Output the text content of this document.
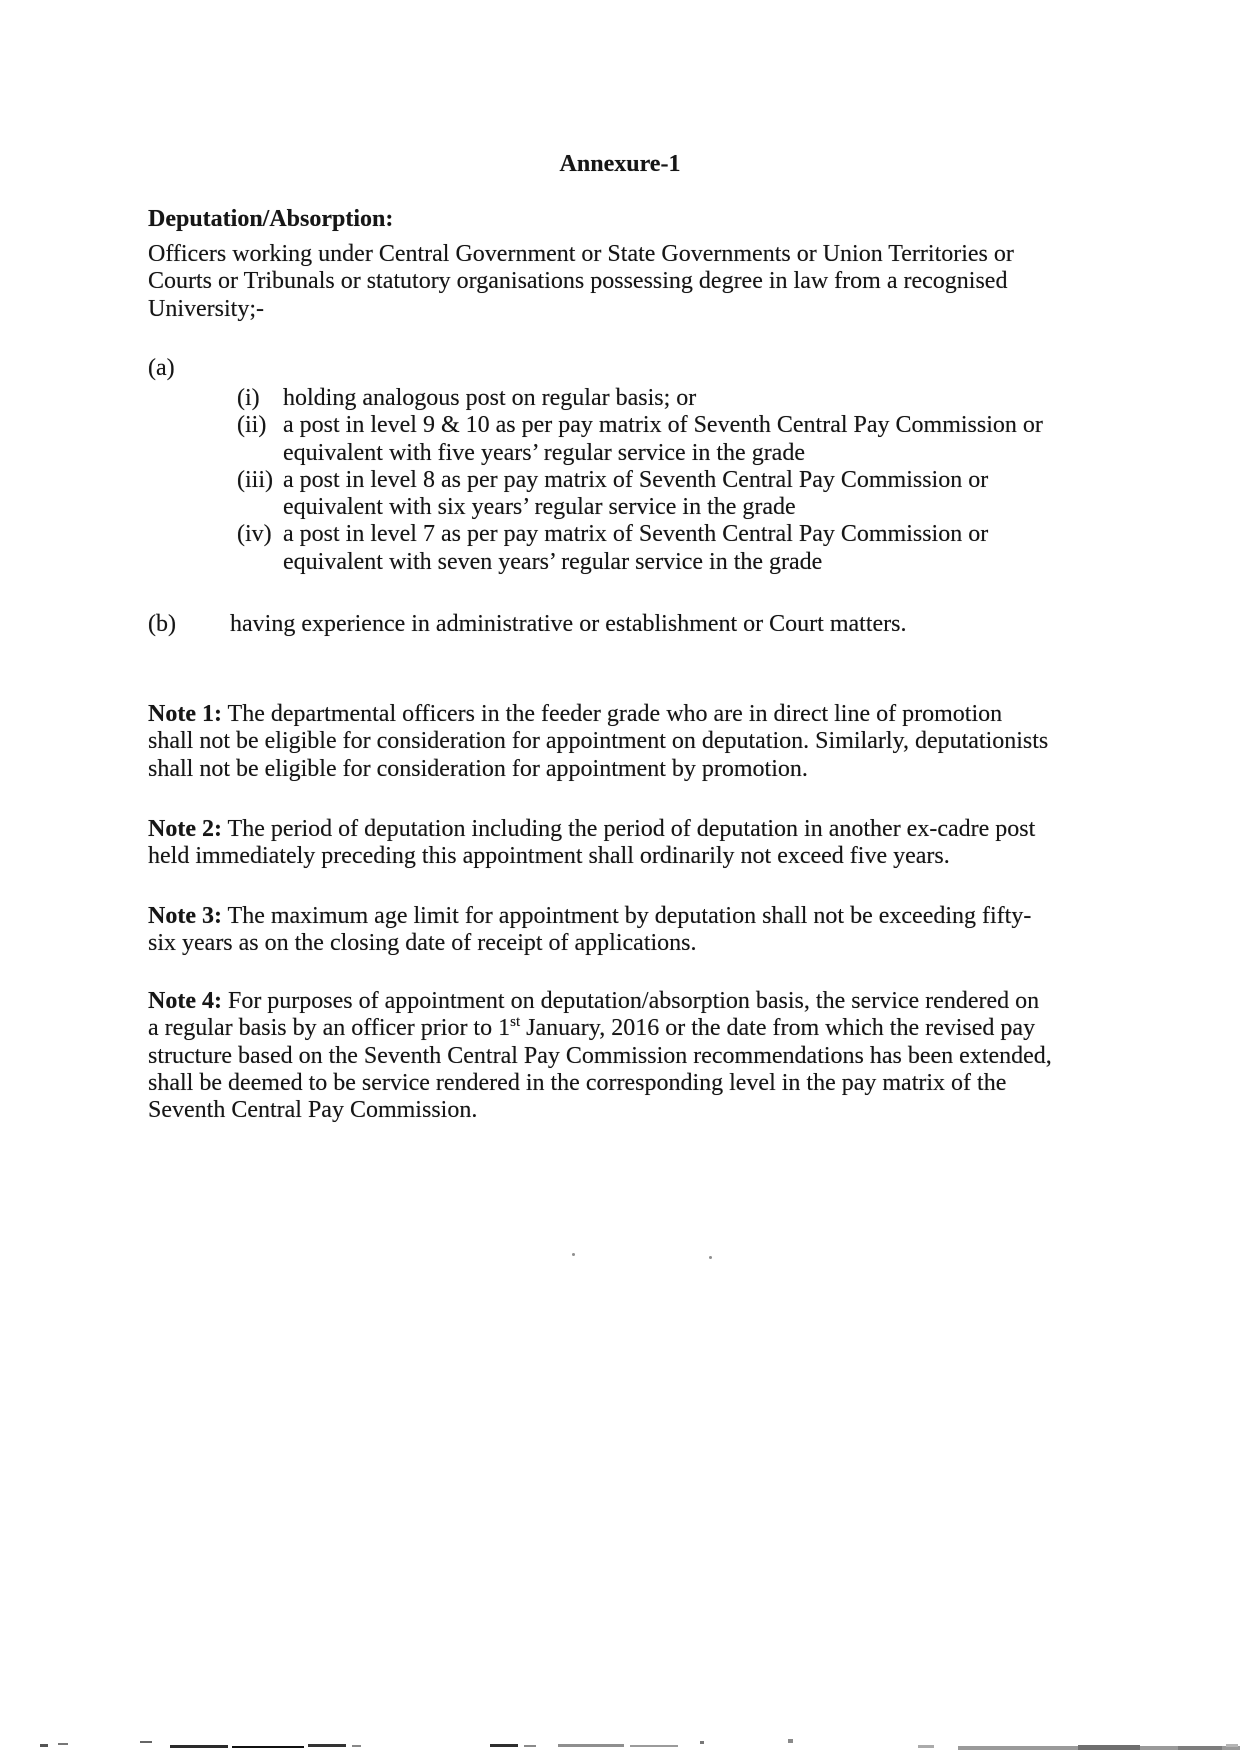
Annexure-1
Deputation/Absorption:
Officers working under Central Government or State Governments or Union Territories or
Courts or Tribunals or statutory organisations possessing degree in law from a recognised
University;-
(a)
(i) holding analogous post on regular basis; or
(ii) a post in level 9 & 10 as per pay matrix of Seventh Central Pay Commission or
equivalent with five years’ regular service in the grade
(iii) a post in level 8 as per pay matrix of Seventh Central Pay Commission or
equivalent with six years’ regular service in the grade
(iv) a post in level 7 as per pay matrix of Seventh Central Pay Commission or
equivalent with seven years’ regular service in the grade
(b)	having experience in administrative or establishment or Court matters.
Note 1: The departmental officers in the feeder grade who are in direct line of promotion
shall not be eligible for consideration for appointment on deputation. Similarly, deputationists
shall not be eligible for consideration for appointment by promotion.
Note 2: The period of deputation including the period of deputation in another ex-cadre post
held immediately preceding this appointment shall ordinarily not exceed five years.
Note 3: The maximum age limit for appointment by deputation shall not be exceeding fifty-
six years as on the closing date of receipt of applications.
Note 4: For purposes of appointment on deputation/absorption basis, the service rendered on
a regular basis by an officer prior to 1st January, 2016 or the date from which the revised pay
structure based on the Seventh Central Pay Commission recommendations has been extended,
shall be deemed to be service rendered in the corresponding level in the pay matrix of the
Seventh Central Pay Commission.
